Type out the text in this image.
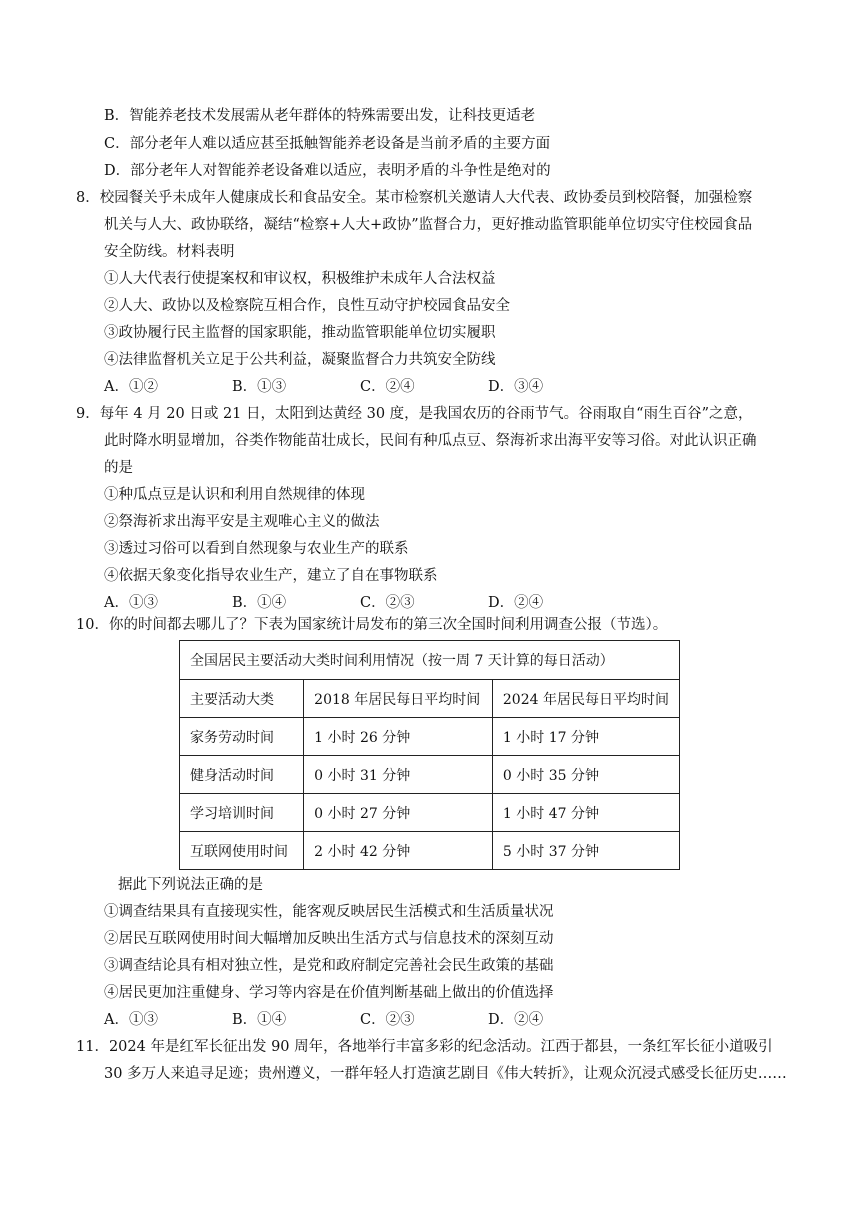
B．智能养老技术发展需从老年群体的特殊需要出发，让科技更适老
C．部分老年人难以适应甚至抵触智能养老设备是当前矛盾的主要方面
D．部分老年人对智能养老设备难以适应，表明矛盾的斗争性是绝对的
8．校园餐关乎未成年人健康成长和食品安全。某市检察机关邀请人大代表、政协委员到校陪餐，加强检察
机关与人大、政协联络，凝结“检察+人大+政协”监督合力，更好推动监管职能单位切实守住校园食品
安全防线。材料表明
①人大代表行使提案权和审议权，积极维护未成年人合法权益
②人大、政协以及检察院互相合作，良性互动守护校园食品安全
③政协履行民主监督的国家职能，推动监管职能单位切实履职
④法律监督机关立足于公共利益，凝聚监督合力共筑安全防线
A．①②	B．①③	C．②④	D．③④
9．每年 4 月 20 日或 21 日，太阳到达黄经 30 度，是我国农历的谷雨节气。谷雨取自“雨生百谷”之意，
此时降水明显增加，谷类作物能苗壮成长，民间有种瓜点豆、祭海祈求出海平安等习俗。对此认识正确
的是
①种瓜点豆是认识和利用自然规律的体现
②祭海祈求出海平安是主观唯心主义的做法
③透过习俗可以看到自然现象与农业生产的联系
④依据天象变化指导农业生产，建立了自在事物联系
A．①③	B．①④	C．②③	D．②④
10．你的时间都去哪儿了？下表为国家统计局发布的第三次全国时间利用调查公报（节选）。
全国居民主要活动大类时间利用情况（按一周 7 天计算的每日活动）		
主要活动大类	2018 年居民每日平均时间	2024 年居民每日平均时间
家务劳动时间	1 小时 26 分钟	1 小时 17 分钟
健身活动时间	0 小时 31 分钟	0 小时 35 分钟
学习培训时间	0 小时 27 分钟	1 小时 47 分钟
互联网使用时间	2 小时 42 分钟	5 小时 37 分钟
据此下列说法正确的是
①调查结果具有直接现实性，能客观反映居民生活模式和生活质量状况
②居民互联网使用时间大幅增加反映出生活方式与信息技术的深刻互动
③调查结论具有相对独立性，是党和政府制定完善社会民生政策的基础
④居民更加注重健身、学习等内容是在价值判断基础上做出的价值选择
A．①③	B．①④	C．②③	D．②④
11．2024 年是红军长征出发 90 周年，各地举行丰富多彩的纪念活动。江西于都县，一条红军长征小道吸引
30 多万人来追寻足迹；贵州遵义，一群年轻人打造演艺剧目《伟大转折》，让观众沉浸式感受长征历史……
